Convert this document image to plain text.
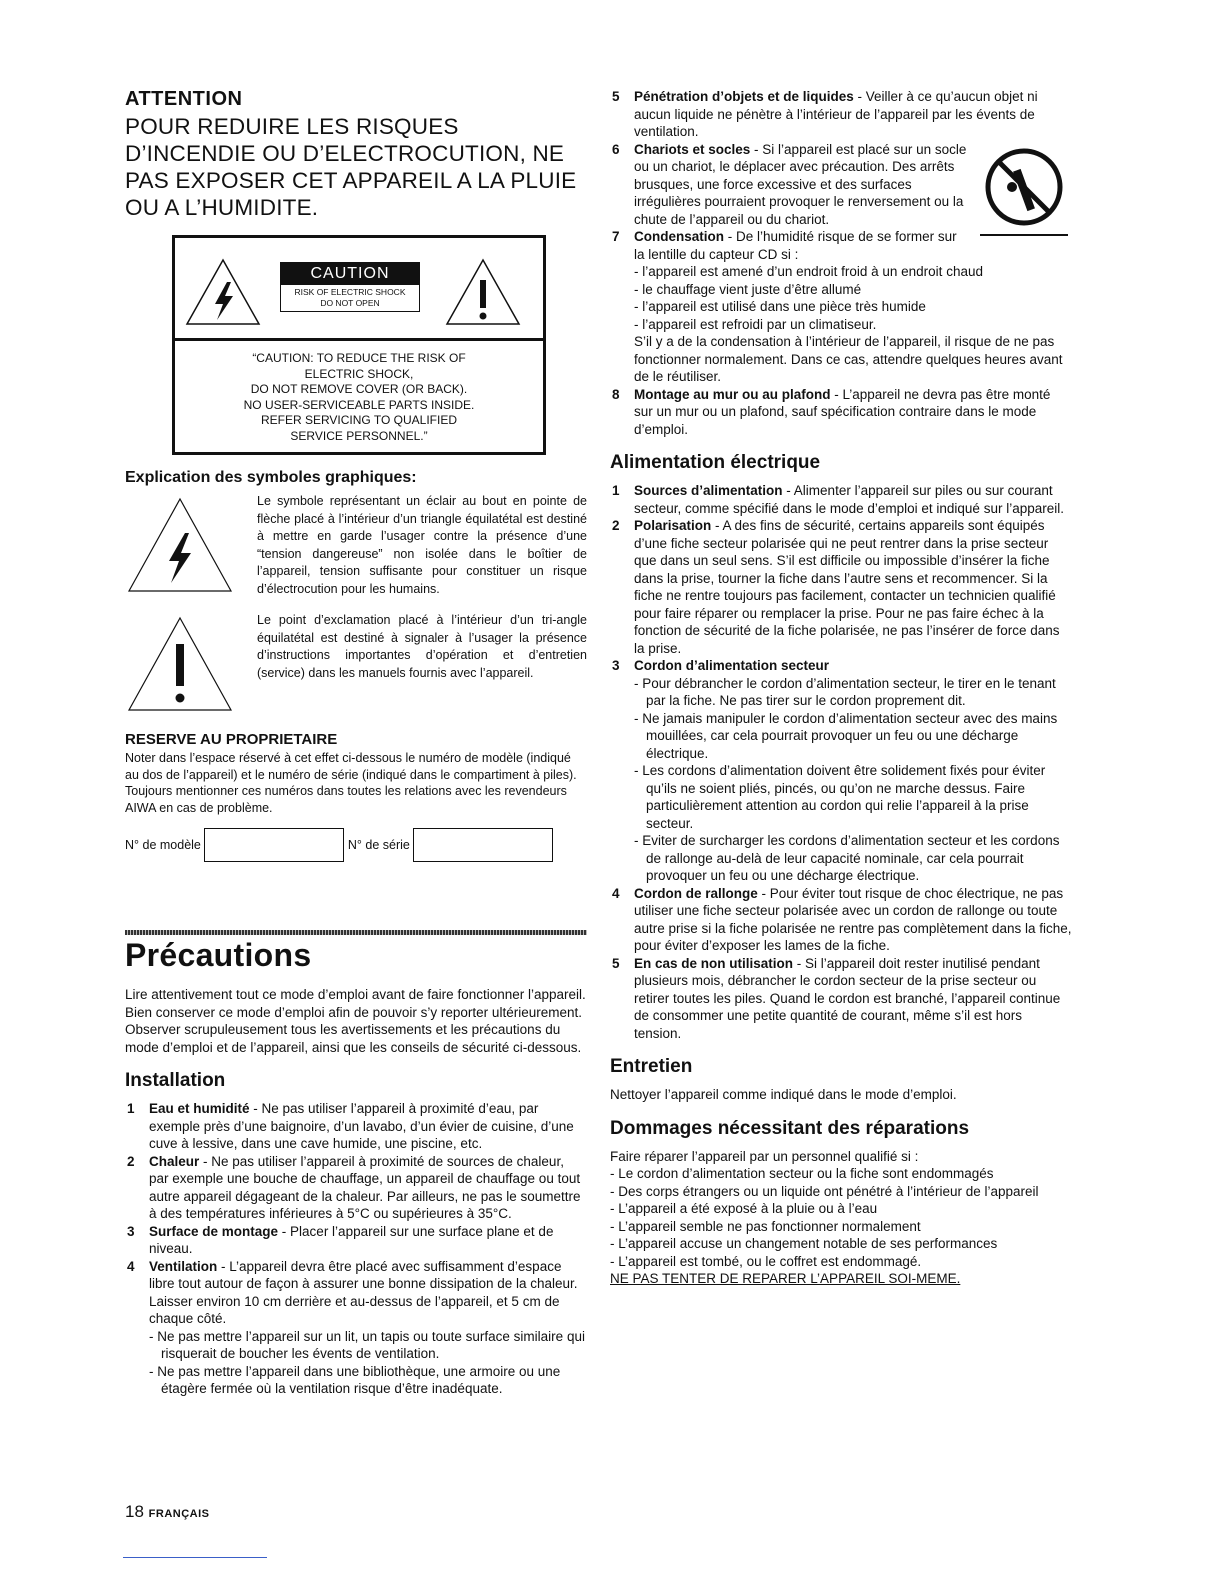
ATTENTION
POUR REDUIRE LES RISQUES D’INCENDIE OU D’ELECTROCUTION, NE PAS EXPOSER CET APPAREIL A LA PLUIE OU A L’HUMIDITE.
CAUTION
RISK OF ELECTRIC SHOCK
DO NOT OPEN
“CAUTION: TO REDUCE THE RISK OF
ELECTRIC SHOCK,
DO NOT REMOVE COVER (OR BACK).
NO USER-SERVICEABLE PARTS INSIDE.
REFER SERVICING TO QUALIFIED
SERVICE PERSONNEL.”
Explication des symboles graphiques:
Le symbole représentant un éclair au bout en pointe de flèche placé à l’intérieur d’un triangle équilatétal est destiné à mettre en garde l’usager contre la présence d’une “tension dangereuse” non isolée dans le boîtier de l’appareil, tension suffisante pour constituer un risque d’électrocution pour les humains.
Le point d’exclamation placé à l’intérieur d’un tri-angle équilatétal est destiné à signaler à l’usager la présence d’instructions importantes d’opération et d’entretien (service) dans les manuels fournis avec l’appareil.
RESERVE AU PROPRIETAIRE

Noter dans l’espace réservé à cet effet ci-dessous le numéro de modèle (indiqué au dos de l’appareil) et le numéro de série (indiqué dans le compartiment à piles). Toujours mentionner ces numéros dans toutes les relations avec les revendeurs AIWA en cas de problème.

N° de modèle	N° de série
Précautions

Lire attentivement tout ce mode d’emploi avant de faire fonctionner l’appareil. Bien conserver ce mode d’emploi afin de pouvoir s’y reporter ultérieurement. Observer scrupuleusement tous les avertissements et les précautions du mode d’emploi et de l’appareil, ainsi que les conseils de sécurité ci-dessous.

Installation
1 Eau et humidité - Ne pas utiliser l’appareil à proximité d’eau, par exemple près d’une baignoire, d’un lavabo, d’un évier de cuisine, d’une cuve à lessive, dans une cave humide, une piscine, etc.
2 Chaleur - Ne pas utiliser l’appareil à proximité de sources de chaleur, par exemple une bouche de chauffage, un appareil de chauffage ou tout autre appareil dégageant de la chaleur. Par ailleurs, ne pas le soumettre à des températures inférieures à 5°C ou supérieures à 35°C.
3 Surface de montage - Placer l’appareil sur une surface plane et de niveau.
4 Ventilation - L’appareil devra être placé avec suffisamment d’espace libre tout autour de façon à assurer une bonne dissipation de la chaleur. Laisser environ 10 cm derrière et au-dessus de l’appareil, et 5 cm de chaque côté.
- Ne pas mettre l’appareil sur un lit, un tapis ou toute surface similaire qui risquerait de boucher les évents de ventilation.
- Ne pas mettre l’appareil dans une bibliothèque, une armoire ou une étagère fermée où la ventilation risque d’être inadéquate.
18 FRANÇAIS
5 Pénétration d’objets et de liquides - Veiller à ce qu’aucun objet ni aucun liquide ne pénètre à l’intérieur de l’appareil par les évents de ventilation.
6 Chariots et socles - Si l’appareil est placé sur un socle ou un chariot, le déplacer avec précaution. Des arrêts brusques, une force excessive et des surfaces irrégulières pourraient provoquer le renversement ou la chute de l’appareil ou du chariot.
7 Condensation - De l’humidité risque de se former sur la lentille du capteur CD si :
- l’appareil est amené d’un endroit froid à un endroit chaud
- le chauffage vient juste d’être allumé
- l’appareil est utilisé dans une pièce très humide
- l’appareil est refroidi par un climatiseur.
S’il y a de la condensation à l’intérieur de l’appareil, il risque de ne pas fonctionner normalement. Dans ce cas, attendre quelques heures avant de le réutiliser.
8 Montage au mur ou au plafond - L’appareil ne devra pas être monté sur un mur ou un plafond, sauf spécification contraire dans le mode d’emploi.
Alimentation électrique
1 Sources d’alimentation - Alimenter l’appareil sur piles ou sur courant secteur, comme spécifié dans le mode d’emploi et indiqué sur l’appareil.
2 Polarisation - A des fins de sécurité, certains appareils sont équipés d’une fiche secteur polarisée qui ne peut rentrer dans la prise secteur que dans un seul sens. S’il est difficile ou impossible d’insérer la fiche dans la prise, tourner la fiche dans l’autre sens et recommencer. Si la fiche ne rentre toujours pas facilement, contacter un technicien qualifié pour faire réparer ou remplacer la prise. Pour ne pas faire échec à la fonction de sécurité de la fiche polarisée, ne pas l’insérer de force dans la prise.
3 Cordon d’alimentation secteur
- Pour débrancher le cordon d’alimentation secteur, le tirer en le tenant par la fiche. Ne pas tirer sur le cordon proprement dit.
- Ne jamais manipuler le cordon d’alimentation secteur avec des mains mouillées, car cela pourrait provoquer un feu ou une décharge électrique.
- Les cordons d’alimentation doivent être solidement fixés pour éviter qu’ils ne soient pliés, pincés, ou qu’on ne marche dessus. Faire particulièrement attention au cordon qui relie l’appareil à la prise secteur.
- Eviter de surcharger les cordons d’alimentation secteur et les cordons de rallonge au-delà de leur capacité nominale, car cela pourrait provoquer un feu ou une décharge électrique.
4 Cordon de rallonge - Pour éviter tout risque de choc électrique, ne pas utiliser une fiche secteur polarisée avec un cordon de rallonge ou toute autre prise si la fiche polarisée ne rentre pas complètement dans la fiche, pour éviter d’exposer les lames de la fiche.
5 En cas de non utilisation - Si l’appareil doit rester inutilisé pendant plusieurs mois, débrancher le cordon secteur de la prise secteur ou retirer toutes les piles. Quand le cordon est branché, l’appareil continue de consommer une petite quantité de courant, même s’il est hors tension.
Entretien

Nettoyer l’appareil comme indiqué dans le mode d’emploi.

Dommages nécessitant des réparations
Faire réparer l’appareil par un personnel qualifié si :
- Le cordon d’alimentation secteur ou la fiche sont endommagés
- Des corps étrangers ou un liquide ont pénétré à l’intérieur de l’appareil
- L’appareil a été exposé à la pluie ou à l’eau
- L’appareil semble ne pas fonctionner normalement
- L’appareil accuse un changement notable de ses performances
- L’appareil est tombé, ou le coffret est endommagé.
NE PAS TENTER DE REPARER L’APPAREIL SOI-MEME.
